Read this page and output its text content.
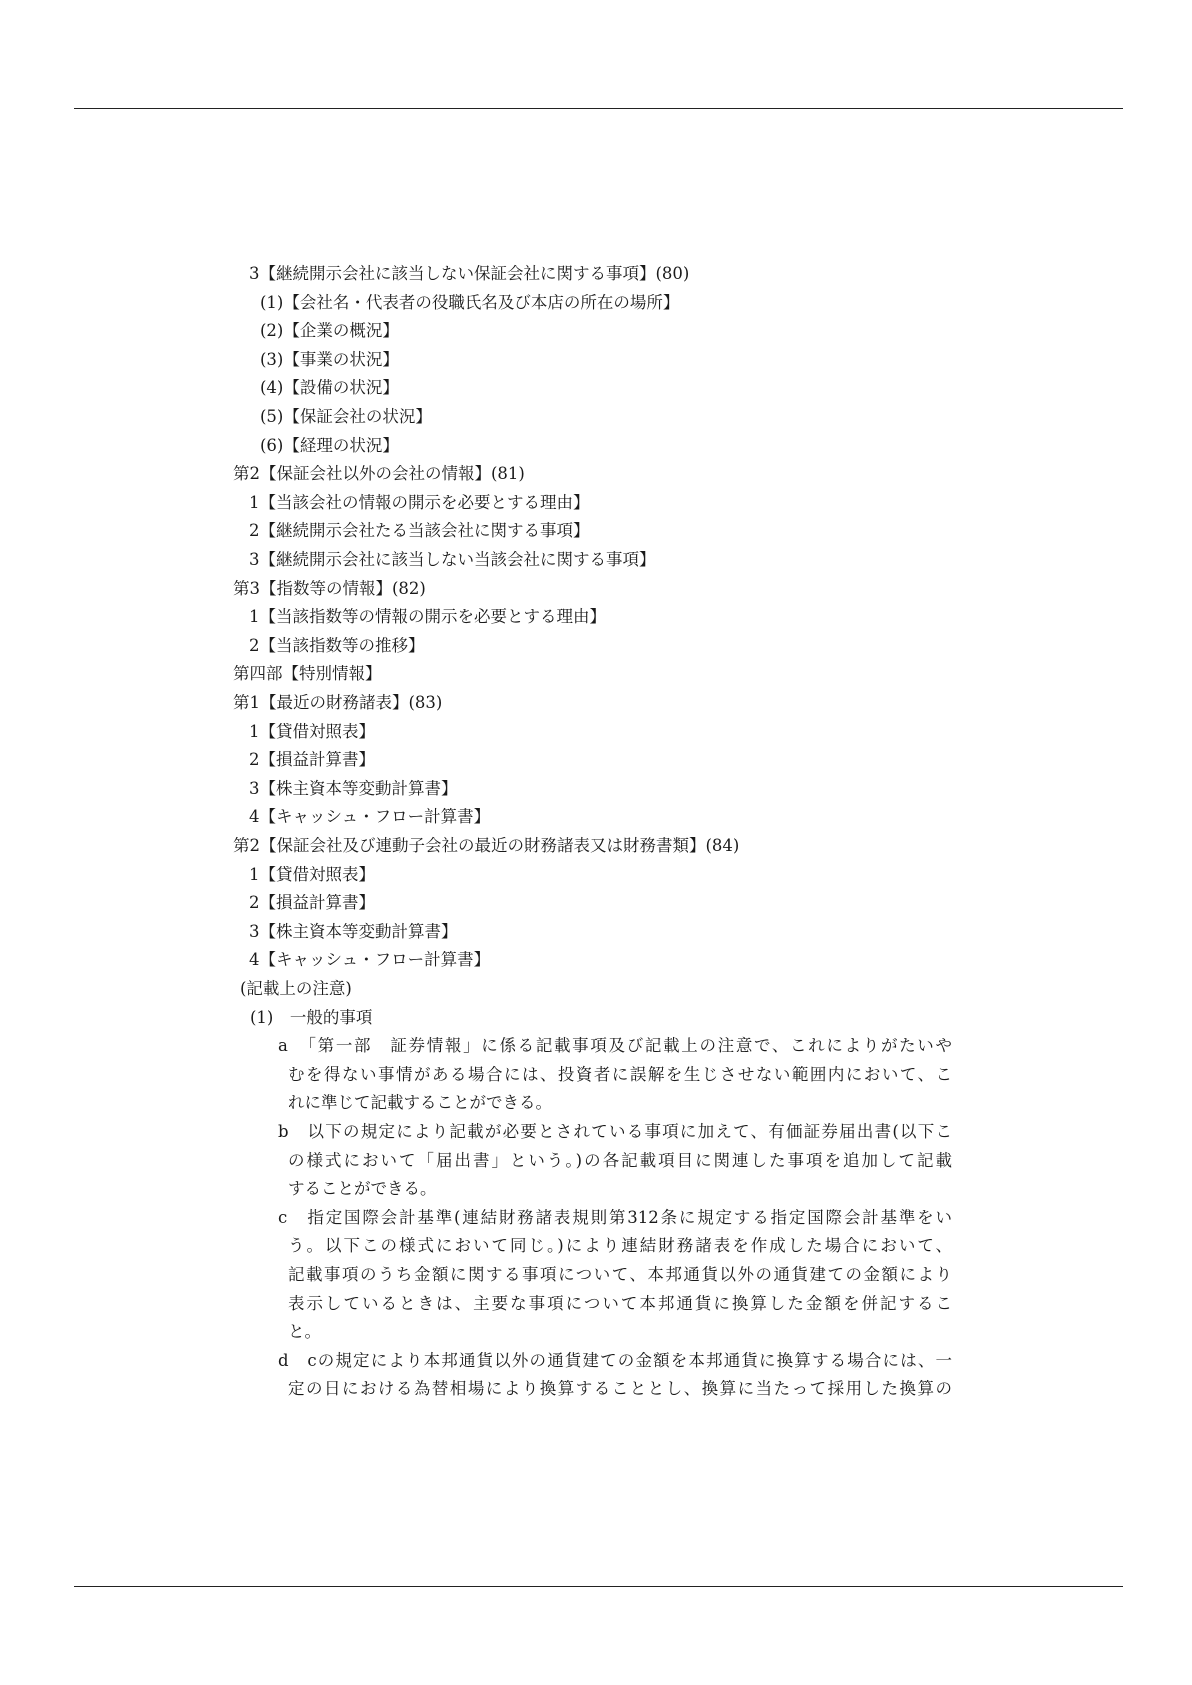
3【継続開示会社に該当しない保証会社に関する事項】(80)
(1)【会社名・代表者の役職氏名及び本店の所在の場所】
(2)【企業の概況】
(3)【事業の状況】
(4)【設備の状況】
(5)【保証会社の状況】
(6)【経理の状況】
第2【保証会社以外の会社の情報】(81)
1【当該会社の情報の開示を必要とする理由】
2【継続開示会社たる当該会社に関する事項】
3【継続開示会社に該当しない当該会社に関する事項】
第3【指数等の情報】(82)
1【当該指数等の情報の開示を必要とする理由】
2【当該指数等の推移】
第四部【特別情報】
第1【最近の財務諸表】(83)
1【貸借対照表】
2【損益計算書】
3【株主資本等変動計算書】
4【キャッシュ・フロー計算書】
第2【保証会社及び連動子会社の最近の財務諸表又は財務書類】(84)
1【貸借対照表】
2【損益計算書】
3【株主資本等変動計算書】
4【キャッシュ・フロー計算書】
(記載上の注意)
(1)　一般的事項
a　「第一部　証券情報」に係る記載事項及び記載上の注意で、これによりがたいや
むを得ない事情がある場合には、投資者に誤解を生じさせない範囲内において、こ
れに準じて記載することができる。
b　以下の規定により記載が必要とされている事項に加えて、有価証券届出書(以下こ
の様式において「届出書」という。)の各記載項目に関連した事項を追加して記載
することができる。
c　指定国際会計基準(連結財務諸表規則第312条に規定する指定国際会計基準をい
う。以下この様式において同じ。)により連結財務諸表を作成した場合において、
記載事項のうち金額に関する事項について、本邦通貨以外の通貨建ての金額により
表示しているときは、主要な事項について本邦通貨に換算した金額を併記するこ
と。
d　cの規定により本邦通貨以外の通貨建ての金額を本邦通貨に換算する場合には、一
定の日における為替相場により換算することとし、換算に当たって採用した換算の
